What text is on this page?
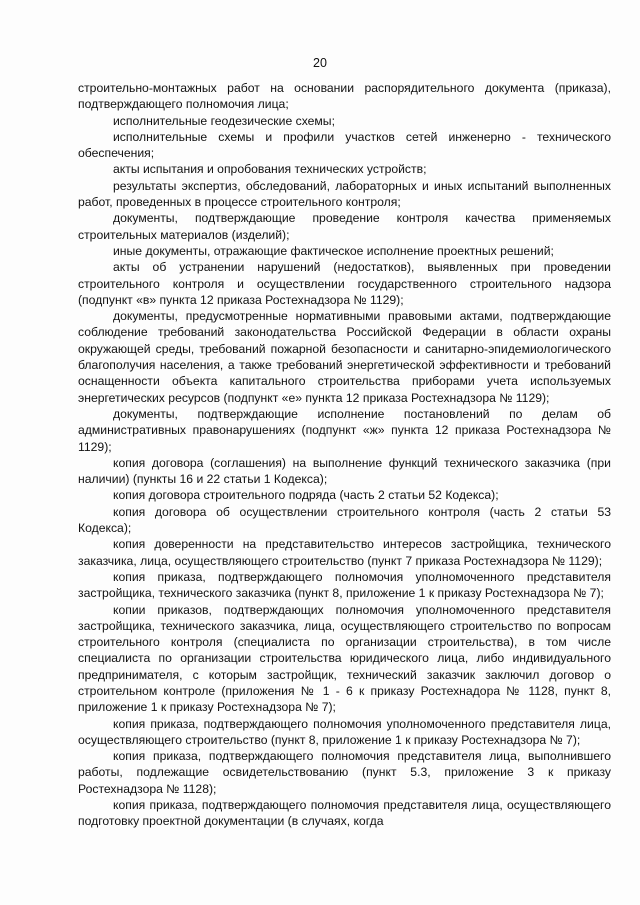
20

строительно-монтажных работ на основании распорядительного документа (приказа), подтверждающего полномочия лица;

исполнительные геодезические схемы;

исполнительные схемы и профили участков сетей инженерно - технического обеспечения;

акты испытания и опробования технических устройств;

результаты экспертиз, обследований, лабораторных и иных испытаний выполненных работ, проведенных в процессе строительного контроля;

документы, подтверждающие проведение контроля качества применяемых строительных материалов (изделий);

иные документы, отражающие фактическое исполнение проектных решений;

акты об устранении нарушений (недостатков), выявленных при проведении строительного контроля и осуществлении государственного строительного надзора (подпункт «в» пункта 12 приказа Ростехнадзора № 1129);

документы, предусмотренные нормативными правовыми актами, подтверждающие соблюдение требований законодательства Российской Федерации в области охраны окружающей среды, требований пожарной безопасности и санитарно-эпидемиологического благополучия населения, а также требований энергетической эффективности и требований оснащенности объекта капитального строительства приборами учета используемых энергетических ресурсов (подпункт «е» пункта 12 приказа Ростехнадзора № 1129);

документы, подтверждающие исполнение постановлений по делам об административных правонарушениях (подпункт «ж» пункта 12 приказа Ростехнадзора № 1129);

копия договора (соглашения) на выполнение функций технического заказчика (при наличии) (пункты 16 и 22 статьи 1 Кодекса);

копия договора строительного подряда (часть 2 статьи 52 Кодекса);

копия договора об осуществлении строительного контроля (часть 2 статьи 53 Кодекса);

копия доверенности на представительство интересов застройщика, технического заказчика, лица, осуществляющего строительство (пункт 7 приказа Ростехнадзора № 1129);

копия приказа, подтверждающего полномочия уполномоченного представителя застройщика, технического заказчика (пункт 8, приложение 1 к приказу Ростехнадзора № 7);

копии приказов, подтверждающих полномочия уполномоченного представителя застройщика, технического заказчика, лица, осуществляющего строительство по вопросам строительного контроля (специалиста по организации строительства), в том числе специалиста по организации строительства юридического лица, либо индивидуального предпринимателя, с которым застройщик, технический заказчик заключил договор о строительном контроле (приложения № 1 - 6 к приказу Ростехнадора № 1128, пункт 8, приложение 1 к приказу Ростехнадзора № 7);

копия приказа, подтверждающего полномочия уполномоченного представителя лица, осуществляющего строительство (пункт 8, приложение 1 к приказу Ростехнадзора № 7);

копия приказа, подтверждающего полномочия представителя лица, выполнившего работы, подлежащие освидетельствованию (пункт 5.3, приложение 3 к приказу Ростехнадзора № 1128);

копия приказа, подтверждающего полномочия представителя лица, осуществляющего подготовку проектной документации (в случаях, когда
